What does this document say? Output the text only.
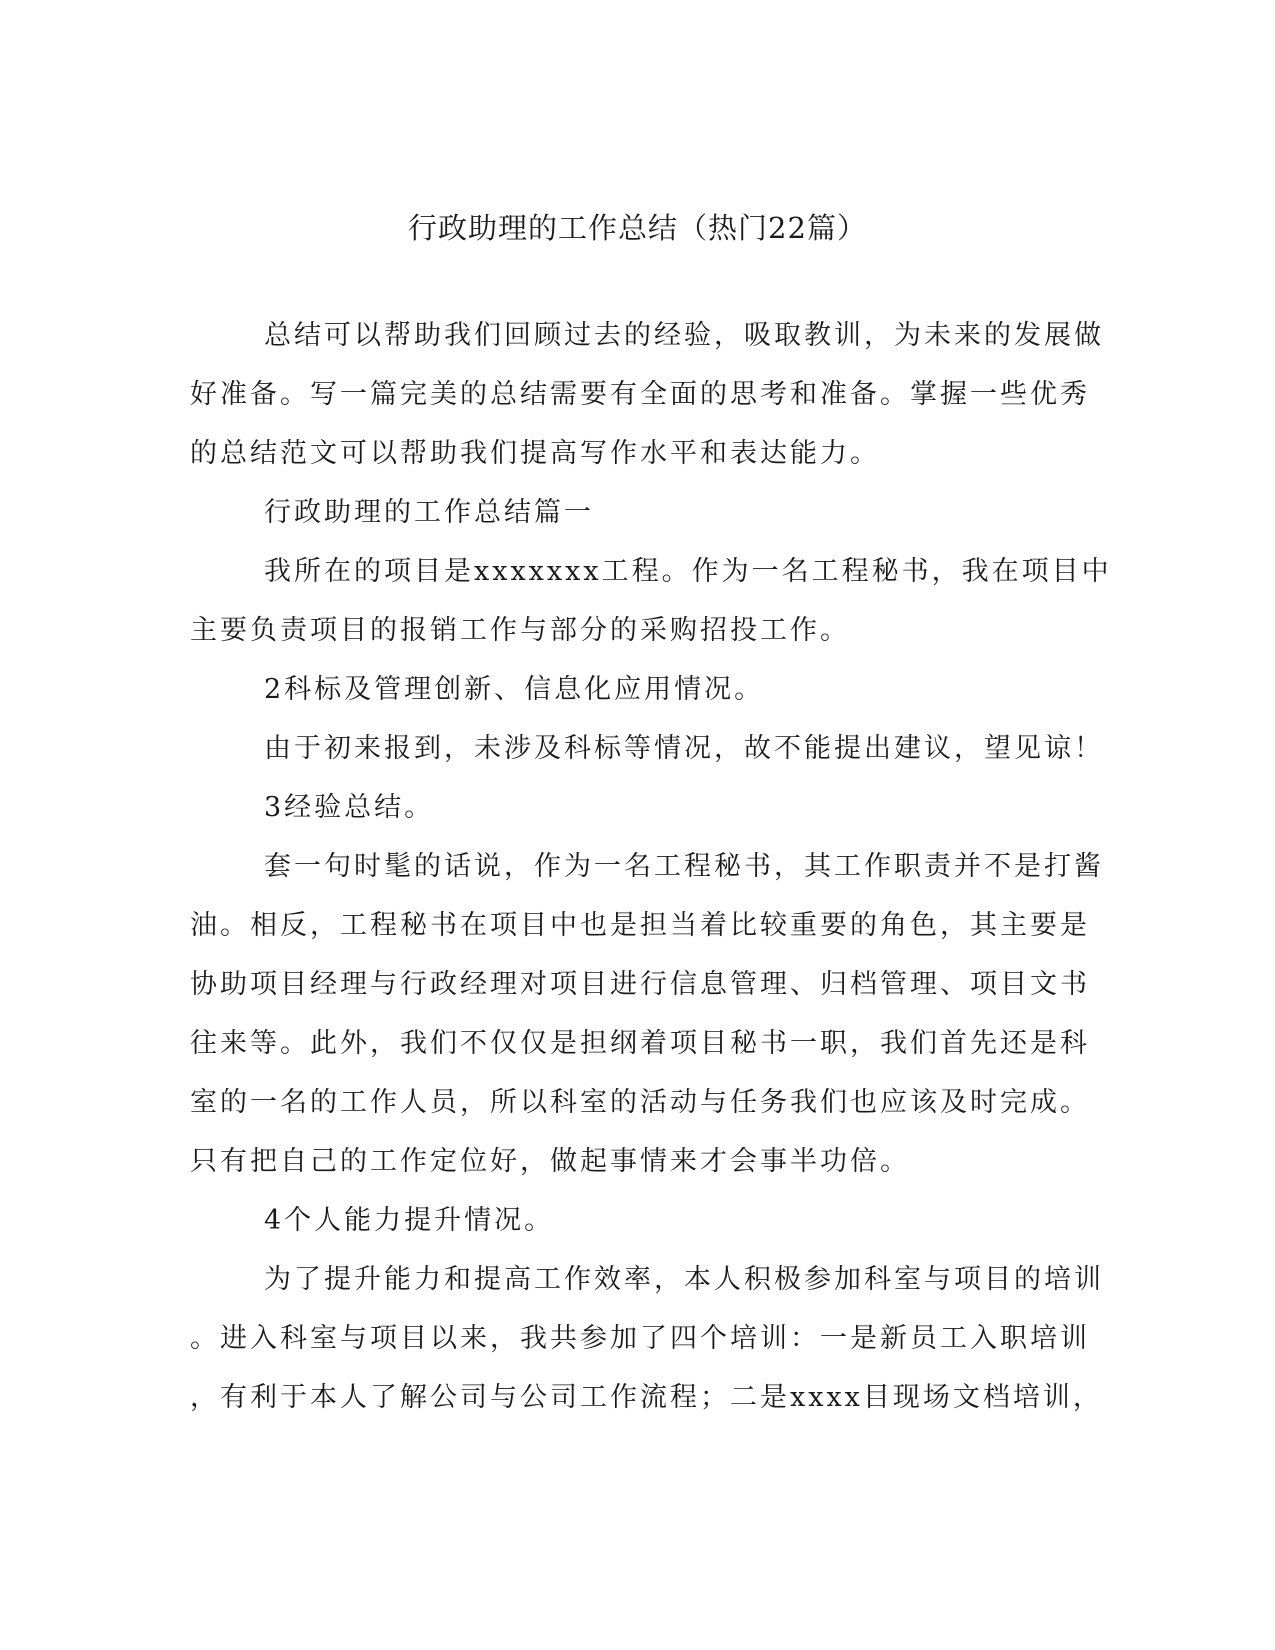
行政助理的工作总结（热门22篇）
总结可以帮助我们回顾过去的经验，吸取教训，为未来的发展做
好准备。写一篇完美的总结需要有全面的思考和准备。掌握一些优秀
的总结范文可以帮助我们提高写作水平和表达能力。
行政助理的工作总结篇一
我所在的项目是xxxxxxx工程。作为一名工程秘书，我在项目中
主要负责项目的报销工作与部分的采购招投工作。
2科标及管理创新、信息化应用情况。
由于初来报到，未涉及科标等情况，故不能提出建议，望见谅！
3经验总结。
套一句时髦的话说，作为一名工程秘书，其工作职责并不是打酱
油。相反，工程秘书在项目中也是担当着比较重要的角色，其主要是
协助项目经理与行政经理对项目进行信息管理、归档管理、项目文书
往来等。此外，我们不仅仅是担纲着项目秘书一职，我们首先还是科
室的一名的工作人员，所以科室的活动与任务我们也应该及时完成。
只有把自己的工作定位好，做起事情来才会事半功倍。
4个人能力提升情况。
为了提升能力和提高工作效率，本人积极参加科室与项目的培训
。进入科室与项目以来，我共参加了四个培训：一是新员工入职培训
，有利于本人了解公司与公司工作流程；二是xxxx目现场文档培训，
